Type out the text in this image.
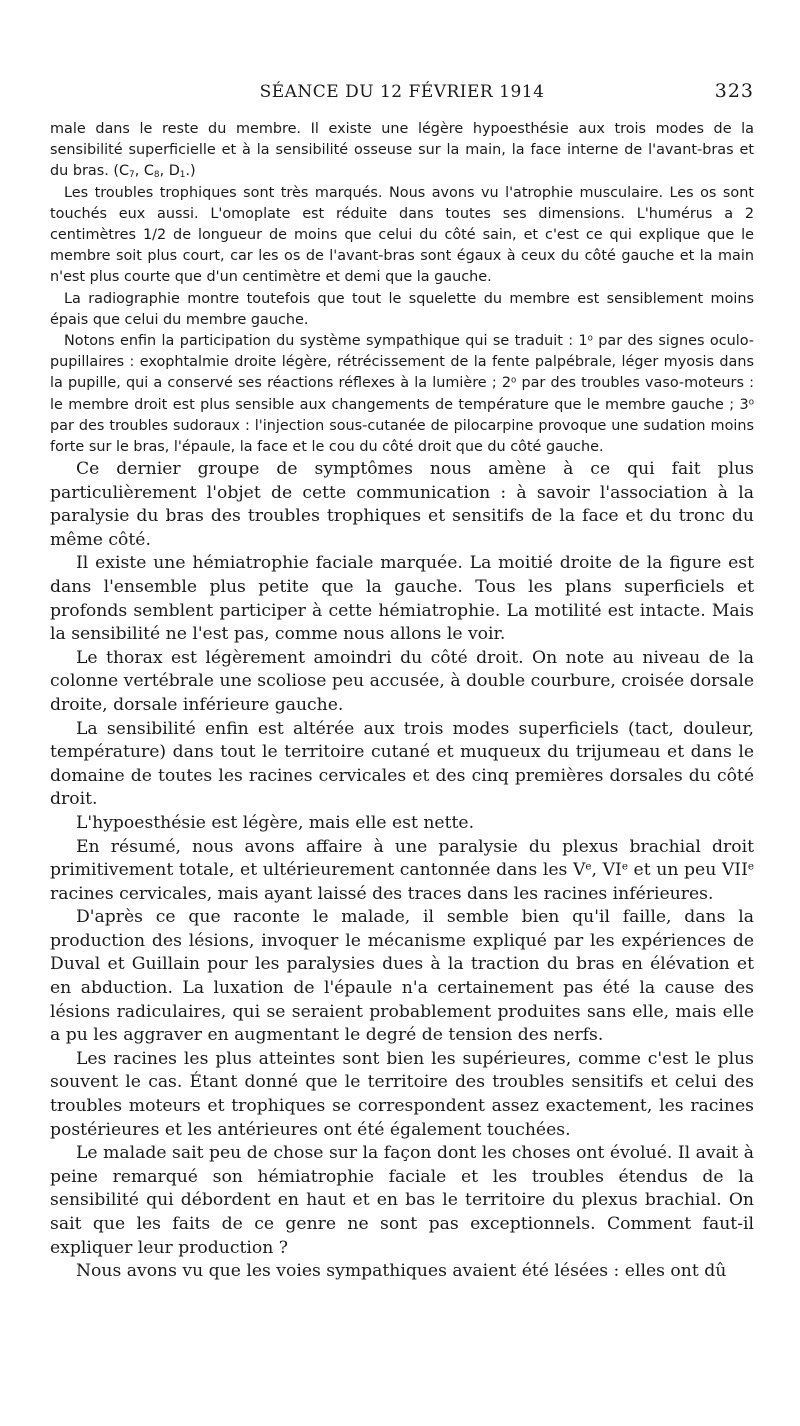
SÉANCE DU 12 FÉVRIER 1914	323

male dans le reste du membre. Il existe une légère hypoesthésie aux trois modes de la sensibilité superficielle et à la sensibilité osseuse sur la main, la face interne de l'avant-bras et du bras. ($C_7$, $C_8$, $D_1$.)

Les troubles trophiques sont très marqués. Nous avons vu l'atrophie musculaire. Les os sont touchés eux aussi. L'omoplate est réduite dans toutes ses dimensions. L'humérus a 2 centimètres 1/2 de longueur de moins que celui du côté sain, et c'est ce qui explique que le membre soit plus court, car les os de l'avant-bras sont égaux à ceux du côté gauche et la main n'est plus courte que d'un centimètre et demi que la gauche.

La radiographie montre toutefois que tout le squelette du membre est sensiblement moins épais que celui du membre gauche.

Notons enfin la participation du système sympathique qui se traduit : 1$^o$ par des signes oculo-pupillaires : exophtalmie droite légère, rétrécissement de la fente palpébrale, léger myosis dans la pupille, qui a conservé ses réactions réflexes à la lumière ; 2$^o$ par des troubles vaso-moteurs : le membre droit est plus sensible aux changements de température que le membre gauche ; 3$^o$ par des troubles sudoraux : l'injection sous-cutanée de pilocarpine provoque une sudation moins forte sur le bras, l'épaule, la face et le cou du côté droit que du côté gauche.

Ce dernier groupe de symptômes nous amène à ce qui fait plus particulièrement l'objet de cette communication : à savoir l'association à la paralysie du bras des troubles trophiques et sensitifs de la face et du tronc du même côté.

Il existe une hémiatrophie faciale marquée. La moitié droite de la figure est dans l'ensemble plus petite que la gauche. Tous les plans superficiels et profonds semblent participer à cette hémiatrophie. La motilité est intacte. Mais la sensibilité ne l'est pas, comme nous allons le voir.

Le thorax est légèrement amoindri du côté droit. On note au niveau de la colonne vertébrale une scoliose peu accusée, à double courbure, croisée dorsale droite, dorsale inférieure gauche.

La sensibilité enfin est altérée aux trois modes superficiels (tact, douleur, température) dans tout le territoire cutané et muqueux du trijumeau et dans le domaine de toutes les racines cervicales et des cinq premières dorsales du côté droit.

L'hypoesthésie est légère, mais elle est nette.

En résumé, nous avons affaire à une paralysie du plexus brachial droit primitivement totale, et ultérieurement cantonnée dans les Ve, VIe et un peu VIIe racines cervicales, mais ayant laissé des traces dans les racines inférieures.

D'après ce que raconte le malade, il semble bien qu'il faille, dans la production des lésions, invoquer le mécanisme expliqué par les expériences de Duval et Guillain pour les paralysies dues à la traction du bras en élévation et en abduction. La luxation de l'épaule n'a certainement pas été la cause des lésions radiculaires, qui se seraient probablement produites sans elle, mais elle a pu les aggraver en augmentant le degré de tension des nerfs.

Les racines les plus atteintes sont bien les supérieures, comme c'est le plus souvent le cas. Étant donné que le territoire des troubles sensitifs et celui des troubles moteurs et trophiques se correspondent assez exactement, les racines postérieures et les antérieures ont été également touchées.

Le malade sait peu de chose sur la façon dont les choses ont évolué. Il avait à peine remarqué son hémiatrophie faciale et les troubles étendus de la sensibilité qui débordent en haut et en bas le territoire du plexus brachial. On sait que les faits de ce genre ne sont pas exceptionnels. Comment faut-il expliquer leur production ?

Nous avons vu que les voies sympathiques avaient été lésées : elles ont dû
